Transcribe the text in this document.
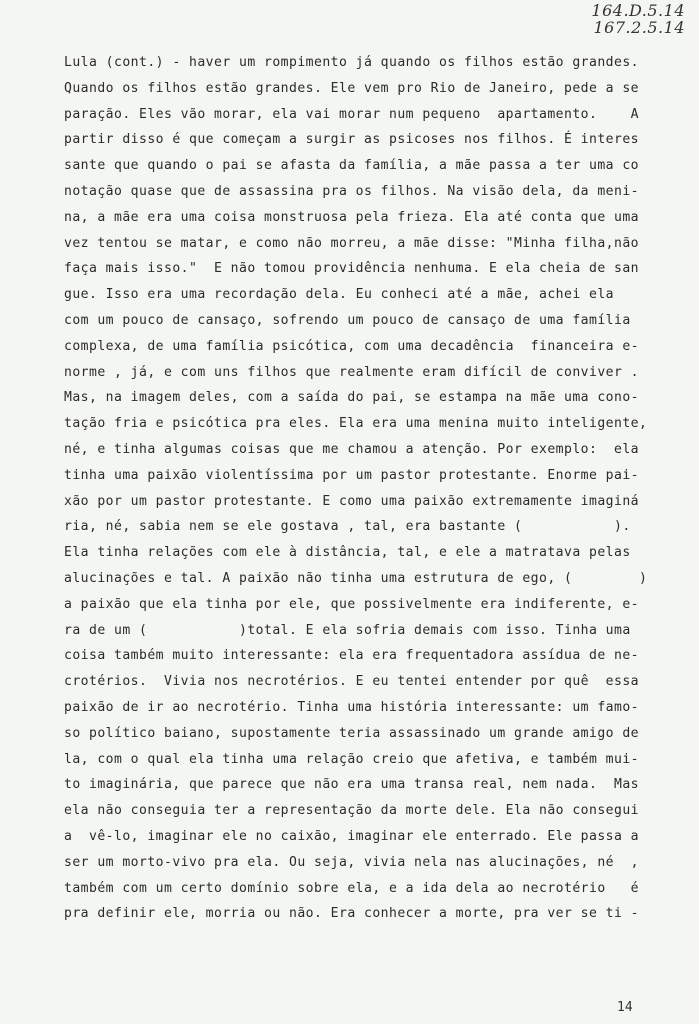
164.D.5.14
167.2.5.14
Lula (cont.) - haver um rompimento já quando os filhos estão grandes.
Quando os filhos estão grandes. Ele vem pro Rio de Janeiro, pede a se
paração. Eles vão morar, ela vai morar num pequeno  apartamento.    A
partir disso é que começam a surgir as psicoses nos filhos. É interes
sante que quando o pai se afasta da família, a mãe passa a ter uma co
notação quase que de assassina pra os filhos. Na visão dela, da meni-
na, a mãe era uma coisa monstruosa pela frieza. Ela até conta que uma
vez tentou se matar, e como não morreu, a mãe disse: "Minha filha,não
faça mais isso."  E não tomou providência nenhuma. E ela cheia de san
gue. Isso era uma recordação dela. Eu conheci até a mãe, achei ela
com um pouco de cansaço, sofrendo um pouco de cansaço de uma família
complexa, de uma família psicótica, com uma decadência  financeira e-
norme , já, e com uns filhos que realmente eram difícil de conviver .
Mas, na imagem deles, com a saída do pai, se estampa na mãe uma cono-
tação fria e psicótica pra eles. Ela era uma menina muito inteligente,
né, e tinha algumas coisas que me chamou a atenção. Por exemplo:  ela
tinha uma paixão violentíssima por um pastor protestante. Enorme pai-
xão por um pastor protestante. E como uma paixão extremamente imaginá
ria, né, sabia nem se ele gostava , tal, era bastante (           ).
Ela tinha relações com ele à distância, tal, e ele a matratava pelas
alucinações e tal. A paixão não tinha uma estrutura de ego, (        )
a paixão que ela tinha por ele, que possivelmente era indiferente, e-
ra de um (           )total. E ela sofria demais com isso. Tinha uma
coisa também muito interessante: ela era frequentadora assídua de ne-
crotérios.  Vivia nos necrotérios. E eu tentei entender por quê  essa
paixão de ir ao necrotério. Tinha uma história interessante: um famo-
so político baiano, supostamente teria assassinado um grande amigo de
la, com o qual ela tinha uma relação creio que afetiva, e também mui-
to imaginária, que parece que não era uma transa real, nem nada.  Mas
ela não conseguia ter a representação da morte dele. Ela não consegui
a  vê-lo, imaginar ele no caixão, imaginar ele enterrado. Ele passa a
ser um morto-vivo pra ela. Ou seja, vivia nela nas alucinações, né  ,
também com um certo domínio sobre ela, e a ida dela ao necrotério   é
pra definir ele, morria ou não. Era conhecer a morte, pra ver se ti -
14
